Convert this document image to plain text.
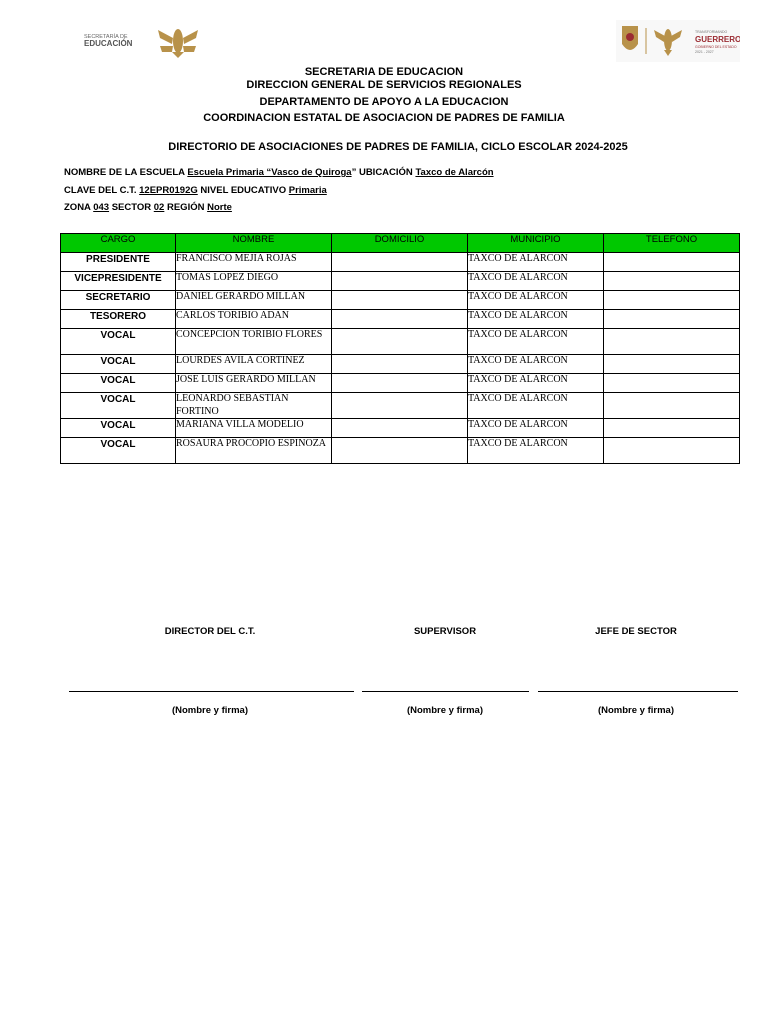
SECRETARÍA DE
EDUCACIÓN
TRANSFORMANDO
GUERRERO
GOBIERNO DEL ESTADO
2021 - 2027
SECRETARIA DE EDUCACION
DIRECCION GENERAL DE SERVICIOS REGIONALES
DEPARTAMENTO DE APOYO A LA EDUCACION
COORDINACION ESTATAL DE ASOCIACION DE PADRES DE FAMILIA
DIRECTORIO DE ASOCIACIONES DE PADRES DE FAMILIA, CICLO ESCOLAR 2024-2025
NOMBRE DE LA ESCUELA Escuela Primaria “Vasco de Quiroga” UBICACIÓN Taxco de Alarcón
CLAVE DEL C.T. 12EPR0192G NIVEL EDUCATIVO Primaria
ZONA 043 SECTOR 02 REGIÓN Norte
CARGO	NOMBRE	DOMICILIO	MUNICIPIO	TELEFONO
PRESIDENTE	FRANCISCO MEJIA ROJAS		TAXCO DE ALARCON	
VICEPRESIDENTE	TOMAS LOPEZ DIEGO		TAXCO DE ALARCON	
SECRETARIO	DANIEL GERARDO MILLAN		TAXCO DE ALARCON	
TESORERO	CARLOS TORIBIO ADAN		TAXCO DE ALARCON	
VOCAL	CONCEPCION TORIBIO FLORES		TAXCO DE ALARCON	
VOCAL	LOURDES AVILA CORTINEZ		TAXCO DE ALARCON	
VOCAL	JOSE LUIS GERARDO MILLAN		TAXCO DE ALARCON	
VOCAL	LEONARDO SEBASTIAN FORTINO		TAXCO DE ALARCON	
VOCAL	MARIANA VILLA MODELIO		TAXCO DE ALARCON	
VOCAL	ROSAURA PROCOPIO ESPINOZA		TAXCO DE ALARCON	
DIRECTOR DEL C.T.	SUPERVISOR	JEFE DE SECTOR
(Nombre y firma)	(Nombre y firma)	(Nombre y firma)
